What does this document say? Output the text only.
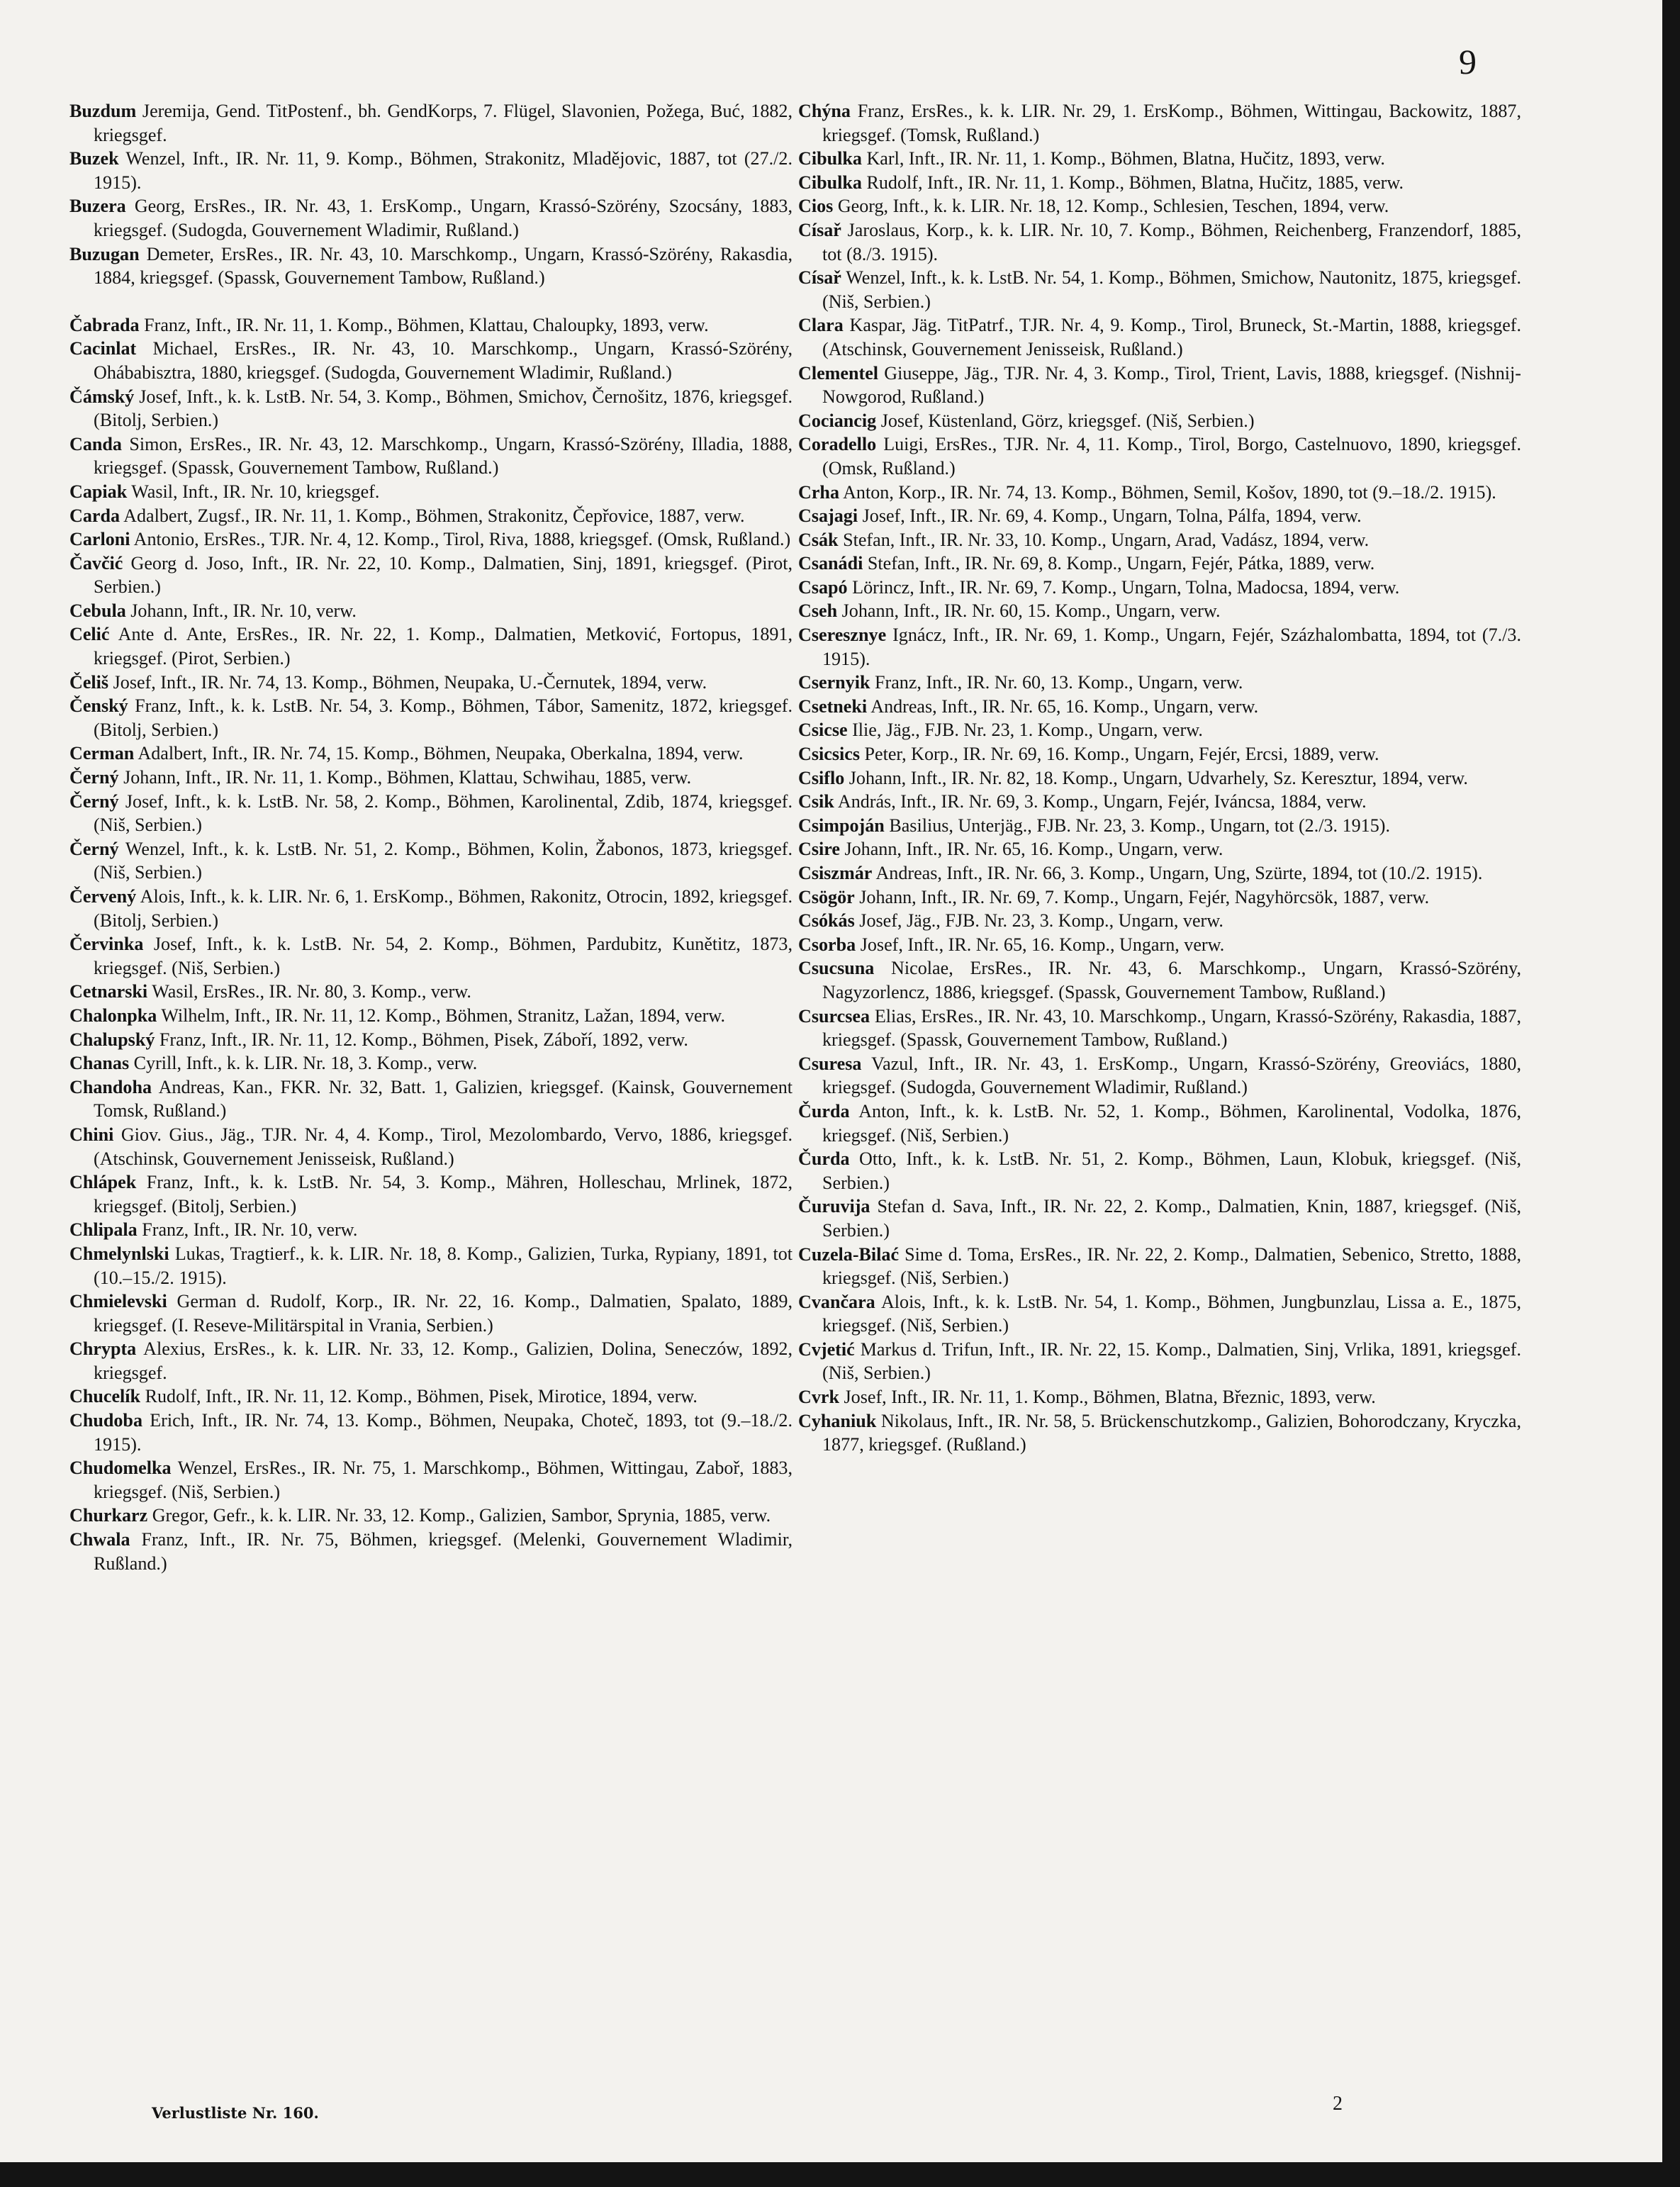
9

Buzdum Jeremija, Gend. TitPostenf., bh. GendKorps, 7. Flügel, Slavonien, Požega, Buć, 1882, kriegsgef.

Buzek Wenzel, Inft., IR. Nr. 11, 9. Komp., Böhmen, Strakonitz, Mladějovic, 1887, tot (27./2. 1915).

Buzera Georg, ErsRes., IR. Nr. 43, 1. ErsKomp., Ungarn, Krassó-Szörény, Szocsány, 1883, kriegsgef. (Sudogda, Gouvernement Wladimir, Rußland.)

Buzugan Demeter, ErsRes., IR. Nr. 43, 10. Marschkomp., Ungarn, Krassó-Szörény, Rakasdia, 1884, kriegsgef. (Spassk, Gouvernement Tambow, Rußland.)

Čabrada Franz, Inft., IR. Nr. 11, 1. Komp., Böhmen, Klattau, Chaloupky, 1893, verw.

Cacinlat Michael, ErsRes., IR. Nr. 43, 10. Marschkomp., Ungarn, Krassó-Szörény, Ohábabisztra, 1880, kriegsgef. (Sudogda, Gouvernement Wladimir, Rußland.)

Čámský Josef, Inft., k. k. LstB. Nr. 54, 3. Komp., Böhmen, Smichov, Černošitz, 1876, kriegsgef. (Bitolj, Serbien.)

Canda Simon, ErsRes., IR. Nr. 43, 12. Marschkomp., Ungarn, Krassó-Szörény, Illadia, 1888, kriegsgef. (Spassk, Gouvernement Tambow, Rußland.)

Capiak Wasil, Inft., IR. Nr. 10, kriegsgef.

Carda Adalbert, Zugsf., IR. Nr. 11, 1. Komp., Böhmen, Strakonitz, Čepřovice, 1887, verw.

Carloni Antonio, ErsRes., TJR. Nr. 4, 12. Komp., Tirol, Riva, 1888, kriegsgef. (Omsk, Rußland.)

Čavčić Georg d. Joso, Inft., IR. Nr. 22, 10. Komp., Dalmatien, Sinj, 1891, kriegsgef. (Pirot, Serbien.)

Cebula Johann, Inft., IR. Nr. 10, verw.

Celić Ante d. Ante, ErsRes., IR. Nr. 22, 1. Komp., Dalmatien, Metković, Fortopus, 1891, kriegsgef. (Pirot, Serbien.)

Čeliš Josef, Inft., IR. Nr. 74, 13. Komp., Böhmen, Neupaka, U.-Černutek, 1894, verw.

Čenský Franz, Inft., k. k. LstB. Nr. 54, 3. Komp., Böhmen, Tábor, Samenitz, 1872, kriegsgef. (Bitolj, Serbien.)

Cerman Adalbert, Inft., IR. Nr. 74, 15. Komp., Böhmen, Neupaka, Oberkalna, 1894, verw.

Černý Johann, Inft., IR. Nr. 11, 1. Komp., Böhmen, Klattau, Schwihau, 1885, verw.

Černý Josef, Inft., k. k. LstB. Nr. 58, 2. Komp., Böhmen, Karolinental, Zdib, 1874, kriegsgef. (Niš, Serbien.)

Černý Wenzel, Inft., k. k. LstB. Nr. 51, 2. Komp., Böhmen, Kolin, Žabonos, 1873, kriegsgef. (Niš, Serbien.)

Červený Alois, Inft., k. k. LIR. Nr. 6, 1. ErsKomp., Böhmen, Rakonitz, Otrocin, 1892, kriegsgef. (Bitolj, Serbien.)

Červinka Josef, Inft., k. k. LstB. Nr. 54, 2. Komp., Böhmen, Pardubitz, Kunětitz, 1873, kriegsgef. (Niš, Serbien.)

Cetnarski Wasil, ErsRes., IR. Nr. 80, 3. Komp., verw.

Chalonpka Wilhelm, Inft., IR. Nr. 11, 12. Komp., Böhmen, Stranitz, Lažan, 1894, verw.

Chalupský Franz, Inft., IR. Nr. 11, 12. Komp., Böhmen, Pisek, Záboří, 1892, verw.

Chanas Cyrill, Inft., k. k. LIR. Nr. 18, 3. Komp., verw.

Chandoha Andreas, Kan., FKR. Nr. 32, Batt. 1, Galizien, kriegsgef. (Kainsk, Gouvernement Tomsk, Rußland.)

Chini Giov. Gius., Jäg., TJR. Nr. 4, 4. Komp., Tirol, Mezolombardo, Vervo, 1886, kriegsgef. (Atschinsk, Gouvernement Jenisseisk, Rußland.)

Chlápek Franz, Inft., k. k. LstB. Nr. 54, 3. Komp., Mähren, Holleschau, Mrlinek, 1872, kriegsgef. (Bitolj, Serbien.)

Chlipala Franz, Inft., IR. Nr. 10, verw.

Chmelynlski Lukas, Tragtierf., k. k. LIR. Nr. 18, 8. Komp., Galizien, Turka, Rypiany, 1891, tot (10.–15./2. 1915).

Chmielevski German d. Rudolf, Korp., IR. Nr. 22, 16. Komp., Dalmatien, Spalato, 1889, kriegsgef. (I. Reseve-Militärspital in Vrania, Serbien.)

Chrypta Alexius, ErsRes., k. k. LIR. Nr. 33, 12. Komp., Galizien, Dolina, Seneczów, 1892, kriegsgef.

Chucelík Rudolf, Inft., IR. Nr. 11, 12. Komp., Böhmen, Pisek, Mirotice, 1894, verw.

Chudoba Erich, Inft., IR. Nr. 74, 13. Komp., Böhmen, Neupaka, Choteč, 1893, tot (9.–18./2. 1915).

Chudomelka Wenzel, ErsRes., IR. Nr. 75, 1. Marschkomp., Böhmen, Wittingau, Zaboř, 1883, kriegsgef. (Niš, Serbien.)

Churkarz Gregor, Gefr., k. k. LIR. Nr. 33, 12. Komp., Galizien, Sambor, Sprynia, 1885, verw.

Chwala Franz, Inft., IR. Nr. 75, Böhmen, kriegsgef. (Melenki, Gouvernement Wladimir, Rußland.)

Chýna Franz, ErsRes., k. k. LIR. Nr. 29, 1. ErsKomp., Böhmen, Wittingau, Backowitz, 1887, kriegsgef. (Tomsk, Rußland.)

Cibulka Karl, Inft., IR. Nr. 11, 1. Komp., Böhmen, Blatna, Hučitz, 1893, verw.

Cibulka Rudolf, Inft., IR. Nr. 11, 1. Komp., Böhmen, Blatna, Hučitz, 1885, verw.

Cios Georg, Inft., k. k. LIR. Nr. 18, 12. Komp., Schlesien, Teschen, 1894, verw.

Císař Jaroslaus, Korp., k. k. LIR. Nr. 10, 7. Komp., Böhmen, Reichenberg, Franzendorf, 1885, tot (8./3. 1915).

Císař Wenzel, Inft., k. k. LstB. Nr. 54, 1. Komp., Böhmen, Smichow, Nautonitz, 1875, kriegsgef. (Niš, Serbien.)

Clara Kaspar, Jäg. TitPatrf., TJR. Nr. 4, 9. Komp., Tirol, Bruneck, St.-Martin, 1888, kriegsgef. (Atschinsk, Gouvernement Jenisseisk, Rußland.)

Clementel Giuseppe, Jäg., TJR. Nr. 4, 3. Komp., Tirol, Trient, Lavis, 1888, kriegsgef. (Nishnij-Nowgorod, Rußland.)

Cociancig Josef, Küstenland, Görz, kriegsgef. (Niš, Serbien.)

Coradello Luigi, ErsRes., TJR. Nr. 4, 11. Komp., Tirol, Borgo, Castelnuovo, 1890, kriegsgef. (Omsk, Rußland.)

Crha Anton, Korp., IR. Nr. 74, 13. Komp., Böhmen, Semil, Košov, 1890, tot (9.–18./2. 1915).

Csajagi Josef, Inft., IR. Nr. 69, 4. Komp., Ungarn, Tolna, Pálfa, 1894, verw.

Csák Stefan, Inft., IR. Nr. 33, 10. Komp., Ungarn, Arad, Vadász, 1894, verw.

Csanádi Stefan, Inft., IR. Nr. 69, 8. Komp., Ungarn, Fejér, Pátka, 1889, verw.

Csapó Lörincz, Inft., IR. Nr. 69, 7. Komp., Ungarn, Tolna, Madocsa, 1894, verw.

Cseh Johann, Inft., IR. Nr. 60, 15. Komp., Ungarn, verw.

Cseresznye Ignácz, Inft., IR. Nr. 69, 1. Komp., Ungarn, Fejér, Százhalombatta, 1894, tot (7./3. 1915).

Csernyik Franz, Inft., IR. Nr. 60, 13. Komp., Ungarn, verw.

Csetneki Andreas, Inft., IR. Nr. 65, 16. Komp., Ungarn, verw.

Csicse Ilie, Jäg., FJB. Nr. 23, 1. Komp., Ungarn, verw.

Csicsics Peter, Korp., IR. Nr. 69, 16. Komp., Ungarn, Fejér, Ercsi, 1889, verw.

Csiflo Johann, Inft., IR. Nr. 82, 18. Komp., Ungarn, Udvarhely, Sz. Keresztur, 1894, verw.

Csik András, Inft., IR. Nr. 69, 3. Komp., Ungarn, Fejér, Iváncsa, 1884, verw.

Csimpoján Basilius, Unterjäg., FJB. Nr. 23, 3. Komp., Ungarn, tot (2./3. 1915).

Csire Johann, Inft., IR. Nr. 65, 16. Komp., Ungarn, verw.

Csiszmár Andreas, Inft., IR. Nr. 66, 3. Komp., Ungarn, Ung, Szürte, 1894, tot (10./2. 1915).

Csögör Johann, Inft., IR. Nr. 69, 7. Komp., Ungarn, Fejér, Nagyhörcsök, 1887, verw.

Csókás Josef, Jäg., FJB. Nr. 23, 3. Komp., Ungarn, verw.

Csorba Josef, Inft., IR. Nr. 65, 16. Komp., Ungarn, verw.

Csucsuna Nicolae, ErsRes., IR. Nr. 43, 6. Marschkomp., Ungarn, Krassó-Szörény, Nagyzorlencz, 1886, kriegsgef. (Spassk, Gouvernement Tambow, Rußland.)

Csurcsea Elias, ErsRes., IR. Nr. 43, 10. Marschkomp., Ungarn, Krassó-Szörény, Rakasdia, 1887, kriegsgef. (Spassk, Gouvernement Tambow, Rußland.)

Csuresa Vazul, Inft., IR. Nr. 43, 1. ErsKomp., Ungarn, Krassó-Szörény, Greoviács, 1880, kriegsgef. (Sudogda, Gouvernement Wladimir, Rußland.)

Čurda Anton, Inft., k. k. LstB. Nr. 52, 1. Komp., Böhmen, Karolinental, Vodolka, 1876, kriegsgef. (Niš, Serbien.)

Čurda Otto, Inft., k. k. LstB. Nr. 51, 2. Komp., Böhmen, Laun, Klobuk, kriegsgef. (Niš, Serbien.)

Čuruvija Stefan d. Sava, Inft., IR. Nr. 22, 2. Komp., Dalmatien, Knin, 1887, kriegsgef. (Niš, Serbien.)

Cuzela-Bilać Sime d. Toma, ErsRes., IR. Nr. 22, 2. Komp., Dalmatien, Sebenico, Stretto, 1888, kriegsgef. (Niš, Serbien.)

Cvančara Alois, Inft., k. k. LstB. Nr. 54, 1. Komp., Böhmen, Jungbunzlau, Lissa a. E., 1875, kriegsgef. (Niš, Serbien.)

Cvjetić Markus d. Trifun, Inft., IR. Nr. 22, 15. Komp., Dalmatien, Sinj, Vrlika, 1891, kriegsgef. (Niš, Serbien.)

Cvrk Josef, Inft., IR. Nr. 11, 1. Komp., Böhmen, Blatna, Březnic, 1893, verw.

Cyhaniuk Nikolaus, Inft., IR. Nr. 58, 5. Brückenschutzkomp., Galizien, Bohorodczany, Kryczka, 1877, kriegsgef. (Rußland.)

Verlustliste Nr. 160.	2
